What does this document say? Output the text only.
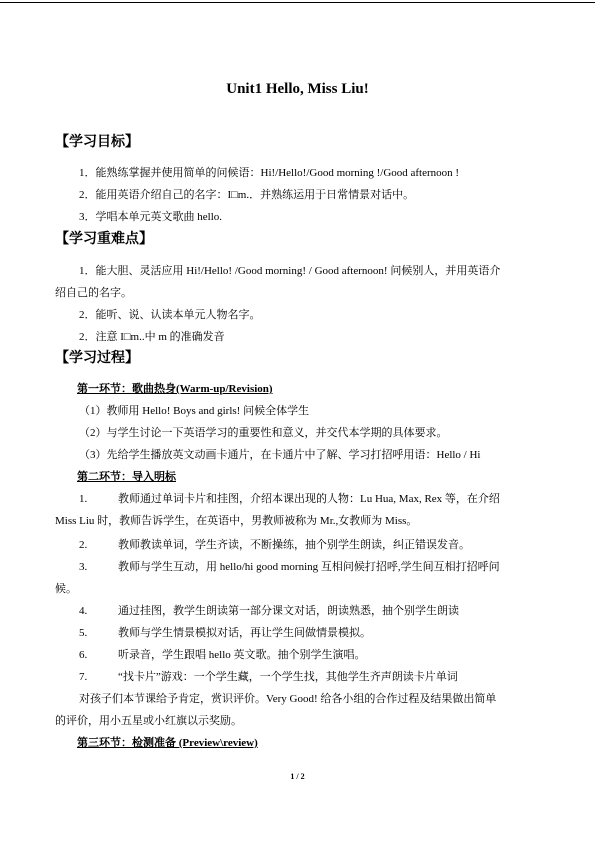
Unit1 Hello, Miss Liu!
【学习目标】
1．能熟练掌握并使用简单的问候语：Hi!/Hello!/Good morning !/Good afternoon !
2．能用英语介绍自己的名字：I□m.．并熟练运用于日常情景对话中。
3．学唱本单元英文歌曲 hello.
【学习重难点】
1．能大胆、灵活应用 Hi!/Hello! /Good morning! / Good afternoon! 问候别人，并用英语介
绍自己的名字。
2．能听、说、认读本单元人物名字。
2．注意 I□m..中 m 的准确发音
【学习过程】
第一环节：歌曲热身(Warm-up/Revision)
（1）教师用 Hello! Boys and girls! 问候全体学生
（2）与学生讨论一下英语学习的重要性和意义，并交代本学期的具体要求。
（3）先给学生播放英文动画卡通片，在卡通片中了解、学习打招呼用语：Hello / Hi
第二环节：导入明标
1.	教师通过单词卡片和挂图，介绍本课出现的人物：Lu Hua, Max, Rex 等，在介绍
Miss Liu 时，教师告诉学生，在英语中，男教师被称为 Mr.,女教师为 Miss。
2.	教师教读单词，学生齐读，不断操练，抽个别学生朗读，纠正错误发音。
3.	教师与学生互动，用 hello/hi good morning 互相问候打招呼,学生间互相打招呼问
候。
4.	通过挂图，教学生朗读第一部分课文对话，朗读熟悉，抽个别学生朗读
5.	教师与学生情景模拟对话，再让学生间做情景模拟。
6.	听录音，学生跟唱 hello 英文歌。抽个别学生演唱。
7.	“找卡片”游戏：一个学生藏，一个学生找，其他学生齐声朗读卡片单词
对孩子们本节课给予肯定，赏识评价。Very Good! 给各小组的合作过程及结果做出简单
的评价，用小五星或小红旗以示奖励。
第三环节：检测准备 (Preview\review)
1 / 2
